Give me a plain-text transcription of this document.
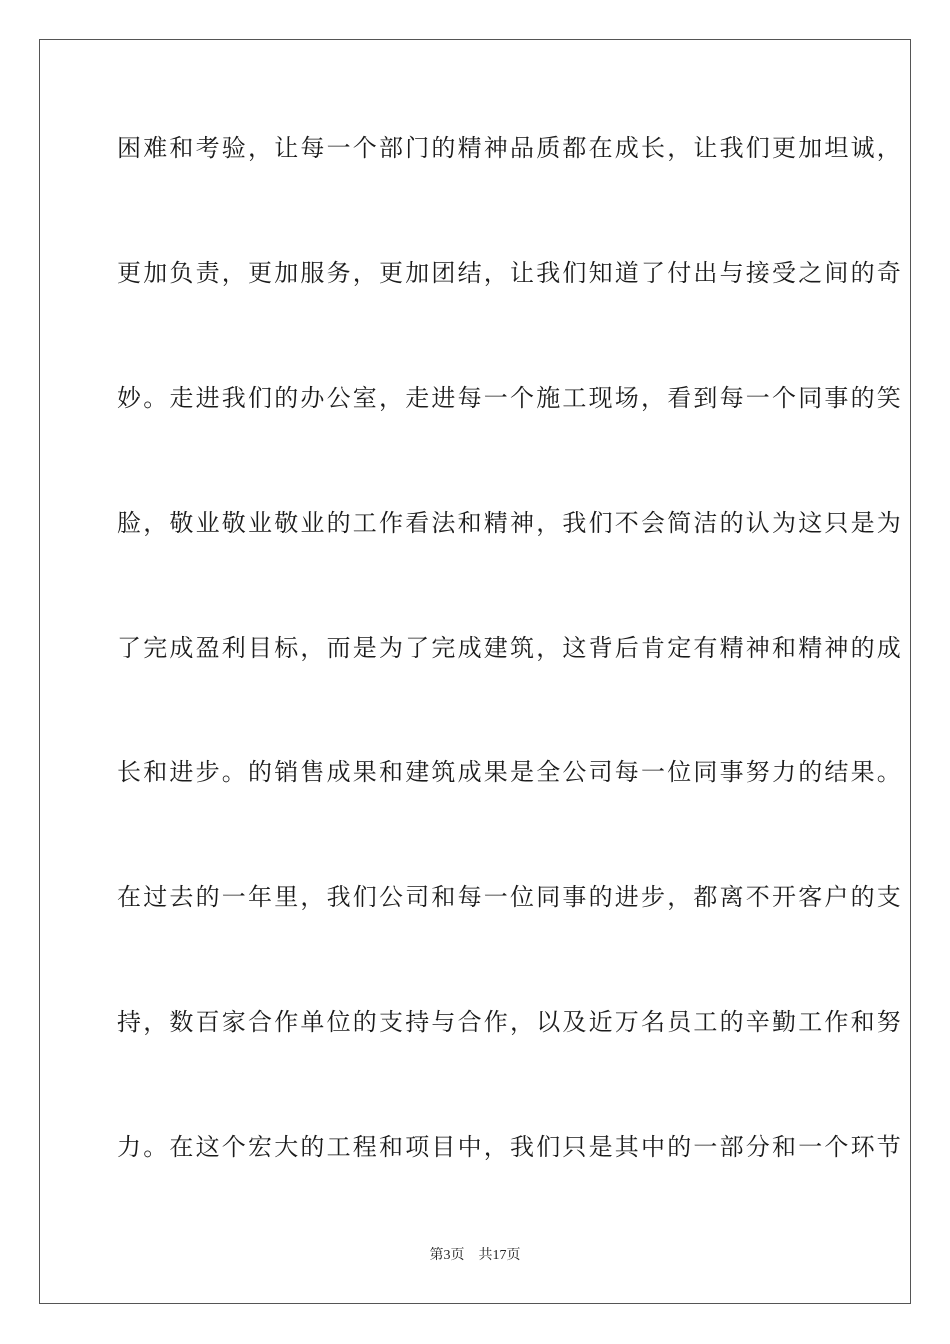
困难和考验，让每一个部门的精神品质都在成长，让我们更加坦诚，
更加负责，更加服务，更加团结，让我们知道了付出与接受之间的奇
妙。走进我们的办公室，走进每一个施工现场，看到每一个同事的笑
脸，敬业敬业敬业的工作看法和精神，我们不会简洁的认为这只是为
了完成盈利目标，而是为了完成建筑，这背后肯定有精神和精神的成
长和进步。的销售成果和建筑成果是全公司每一位同事努力的结果。
在过去的一年里，我们公司和每一位同事的进步，都离不开客户的支
持，数百家合作单位的支持与合作，以及近万名员工的辛勤工作和努
力。在这个宏大的工程和项目中，我们只是其中的一部分和一个环节
第3页 共17页
